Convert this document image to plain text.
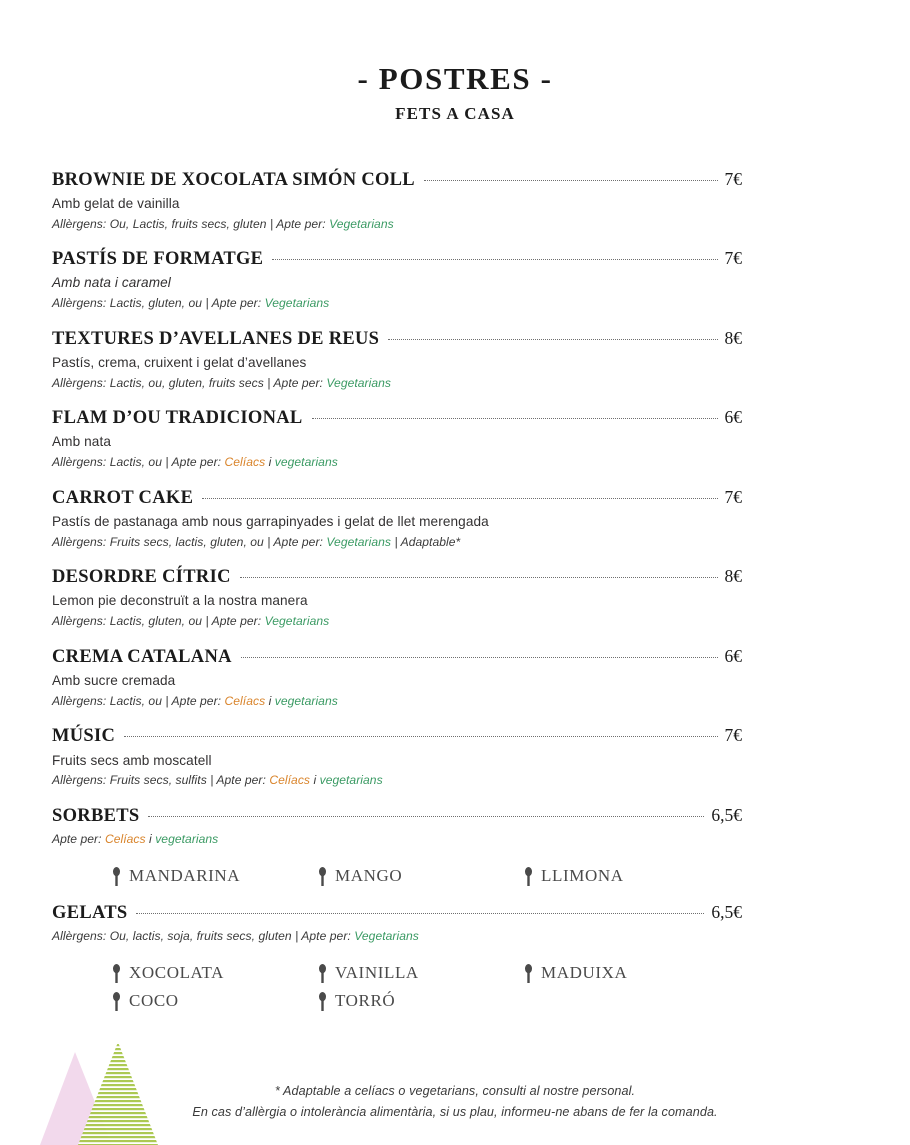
- POSTRES -
FETS A CASA
BROWNIE DE XOCOLATA SIMÓN COLL	7€
Amb gelat de vainilla
Allèrgens: Ou, Lactis, fruits secs, gluten | Apte per: Vegetarians
PASTÍS DE FORMATGE	7€
Amb nata i caramel
Allèrgens: Lactis, gluten, ou | Apte per: Vegetarians
TEXTURES D’AVELLANES DE REUS	8€
Pastís, crema, cruixent i gelat d’avellanes
Allèrgens: Lactis, ou, gluten, fruits secs | Apte per: Vegetarians
FLAM D’OU TRADICIONAL	6€
Amb nata
Allèrgens: Lactis, ou | Apte per: Celíacs i vegetarians
CARROT CAKE	7€
Pastís de pastanaga amb nous garrapinyades i gelat de llet merengada
Allèrgens: Fruits secs, lactis, gluten, ou | Apte per: Vegetarians | Adaptable*
DESORDRE CÍTRIC	8€
Lemon pie deconstruït a la nostra manera
Allèrgens: Lactis, gluten, ou | Apte per: Vegetarians
CREMA CATALANA	6€
Amb sucre cremada
Allèrgens: Lactis, ou | Apte per: Celíacs i vegetarians
MÚSIC	7€
Fruits secs amb moscatell
Allèrgens: Fruits secs, sulfits | Apte per: Celíacs i vegetarians
SORBETS	6,5€
Apte per: Celíacs i vegetarians
MANDARINA	MANGO	LLIMONA
GELATS	6,5€
Allèrgens: Ou, lactis, soja, fruits secs, gluten | Apte per: Vegetarians
XOCOLATA	VAINILLA	MADUIXA
COCO	TORRÓ
* Adaptable a celíacs o vegetarians, consulti al nostre personal.
En cas d’allèrgia o intolerància alimentària, si us plau, informeu-ne abans de fer la comanda.
